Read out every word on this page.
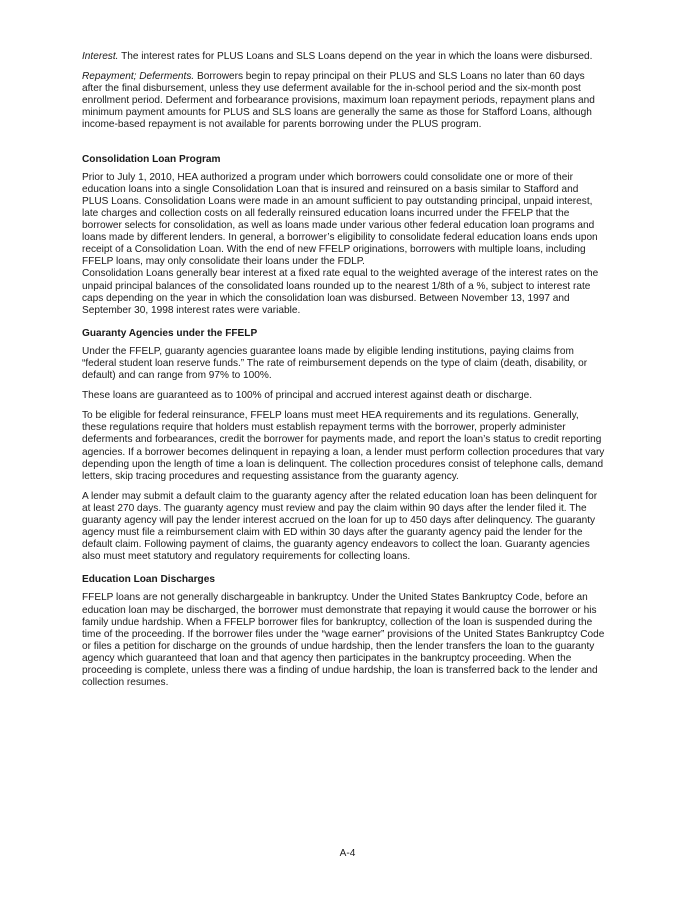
Interest. The interest rates for PLUS Loans and SLS Loans depend on the year in which the loans were disbursed.

Repayment; Deferments. Borrowers begin to repay principal on their PLUS and SLS Loans no later than 60 days after the final disbursement, unless they use deferment available for the in-school period and the six-month post enrollment period. Deferment and forbearance provisions, maximum loan repayment periods, repayment plans and minimum payment amounts for PLUS and SLS loans are generally the same as those for Stafford Loans, although income-based repayment is not available for parents borrowing under the PLUS program.

Consolidation Loan Program

Prior to July 1, 2010, HEA authorized a program under which borrowers could consolidate one or more of their education loans into a single Consolidation Loan that is insured and reinsured on a basis similar to Stafford and PLUS Loans. Consolidation Loans were made in an amount sufficient to pay outstanding principal, unpaid interest, late charges and collection costs on all federally reinsured education loans incurred under the FFELP that the borrower selects for consolidation, as well as loans made under various other federal education loan programs and loans made by different lenders. In general, a borrower’s eligibility to consolidate federal education loans ends upon receipt of a Consolidation Loan. With the end of new FFELP originations, borrowers with multiple loans, including FFELP loans, may only consolidate their loans under the FDLP.

Consolidation Loans generally bear interest at a fixed rate equal to the weighted average of the interest rates on the unpaid principal balances of the consolidated loans rounded up to the nearest 1/8th of a %, subject to interest rate caps depending on the year in which the consolidation loan was disbursed. Between November 13, 1997 and September 30, 1998 interest rates were variable.

Guaranty Agencies under the FFELP

Under the FFELP, guaranty agencies guarantee loans made by eligible lending institutions, paying claims from “federal student loan reserve funds.” The rate of reimbursement depends on the type of claim (death, disability, or default) and can range from 97% to 100%.

These loans are guaranteed as to 100% of principal and accrued interest against death or discharge.

To be eligible for federal reinsurance, FFELP loans must meet HEA requirements and its regulations. Generally, these regulations require that holders must establish repayment terms with the borrower, properly administer deferments and forbearances, credit the borrower for payments made, and report the loan’s status to credit reporting agencies. If a borrower becomes delinquent in repaying a loan, a lender must perform collection procedures that vary depending upon the length of time a loan is delinquent. The collection procedures consist of telephone calls, demand letters, skip tracing procedures and requesting assistance from the guaranty agency.

A lender may submit a default claim to the guaranty agency after the related education loan has been delinquent for at least 270 days. The guaranty agency must review and pay the claim within 90 days after the lender filed it. The guaranty agency will pay the lender interest accrued on the loan for up to 450 days after delinquency. The guaranty agency must file a reimbursement claim with ED within 30 days after the guaranty agency paid the lender for the default claim. Following payment of claims, the guaranty agency endeavors to collect the loan. Guaranty agencies also must meet statutory and regulatory requirements for collecting loans.

Education Loan Discharges

FFELP loans are not generally dischargeable in bankruptcy. Under the United States Bankruptcy Code, before an education loan may be discharged, the borrower must demonstrate that repaying it would cause the borrower or his family undue hardship. When a FFELP borrower files for bankruptcy, collection of the loan is suspended during the time of the proceeding. If the borrower files under the “wage earner” provisions of the United States Bankruptcy Code or files a petition for discharge on the grounds of undue hardship, then the lender transfers the loan to the guaranty agency which guaranteed that loan and that agency then participates in the bankruptcy proceeding. When the proceeding is complete, unless there was a finding of undue hardship, the loan is transferred back to the lender and collection resumes.

A-4
